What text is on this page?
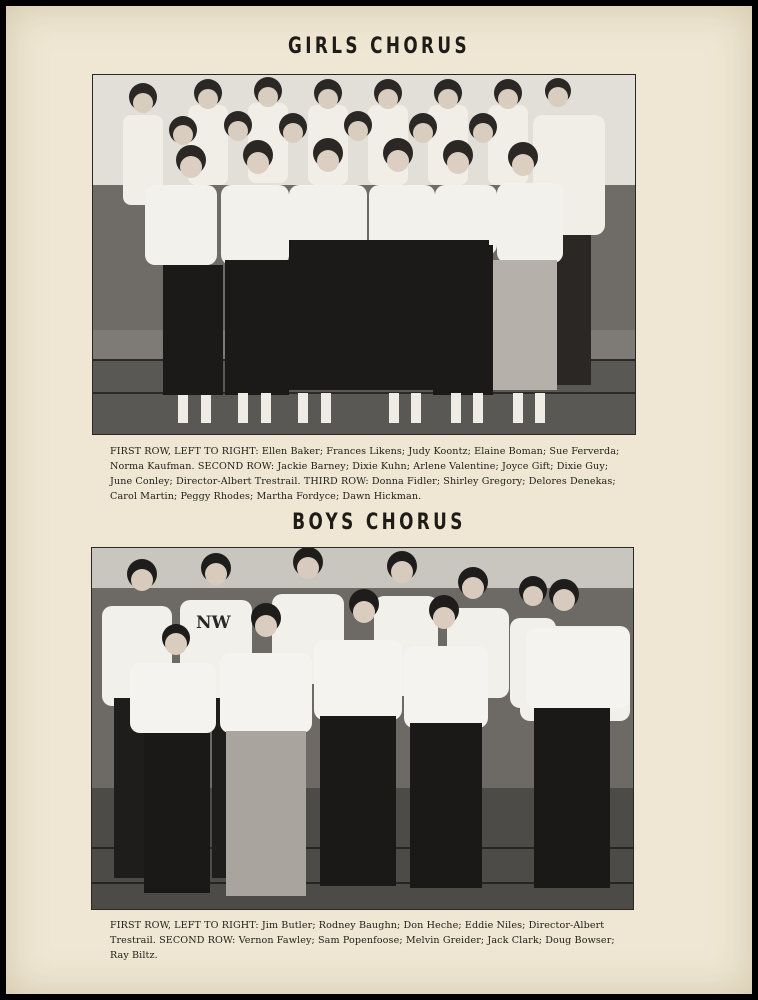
GIRLS CHORUS
FIRST ROW, LEFT TO RIGHT: Ellen Baker; Frances Likens; Judy Koontz; Elaine Boman; Sue Ferverda; Norma Kaufman. SECOND ROW: Jackie Barney; Dixie Kuhn; Arlene Valentine; Joyce Gift; Dixie Guy; June Conley; Director-Albert Trestrail. THIRD ROW: Donna Fidler; Shirley Gregory; Delores Denekas; Carol Martin; Peggy Rhodes; Martha Fordyce; Dawn Hickman.
BOYS CHORUS
NW
FIRST ROW, LEFT TO RIGHT: Jim Butler; Rodney Baughn; Don Heche; Eddie Niles; Director-Albert Trestrail. SECOND ROW: Vernon Fawley; Sam Popenfoose; Melvin Greider; Jack Clark; Doug Bowser; Ray Biltz.
